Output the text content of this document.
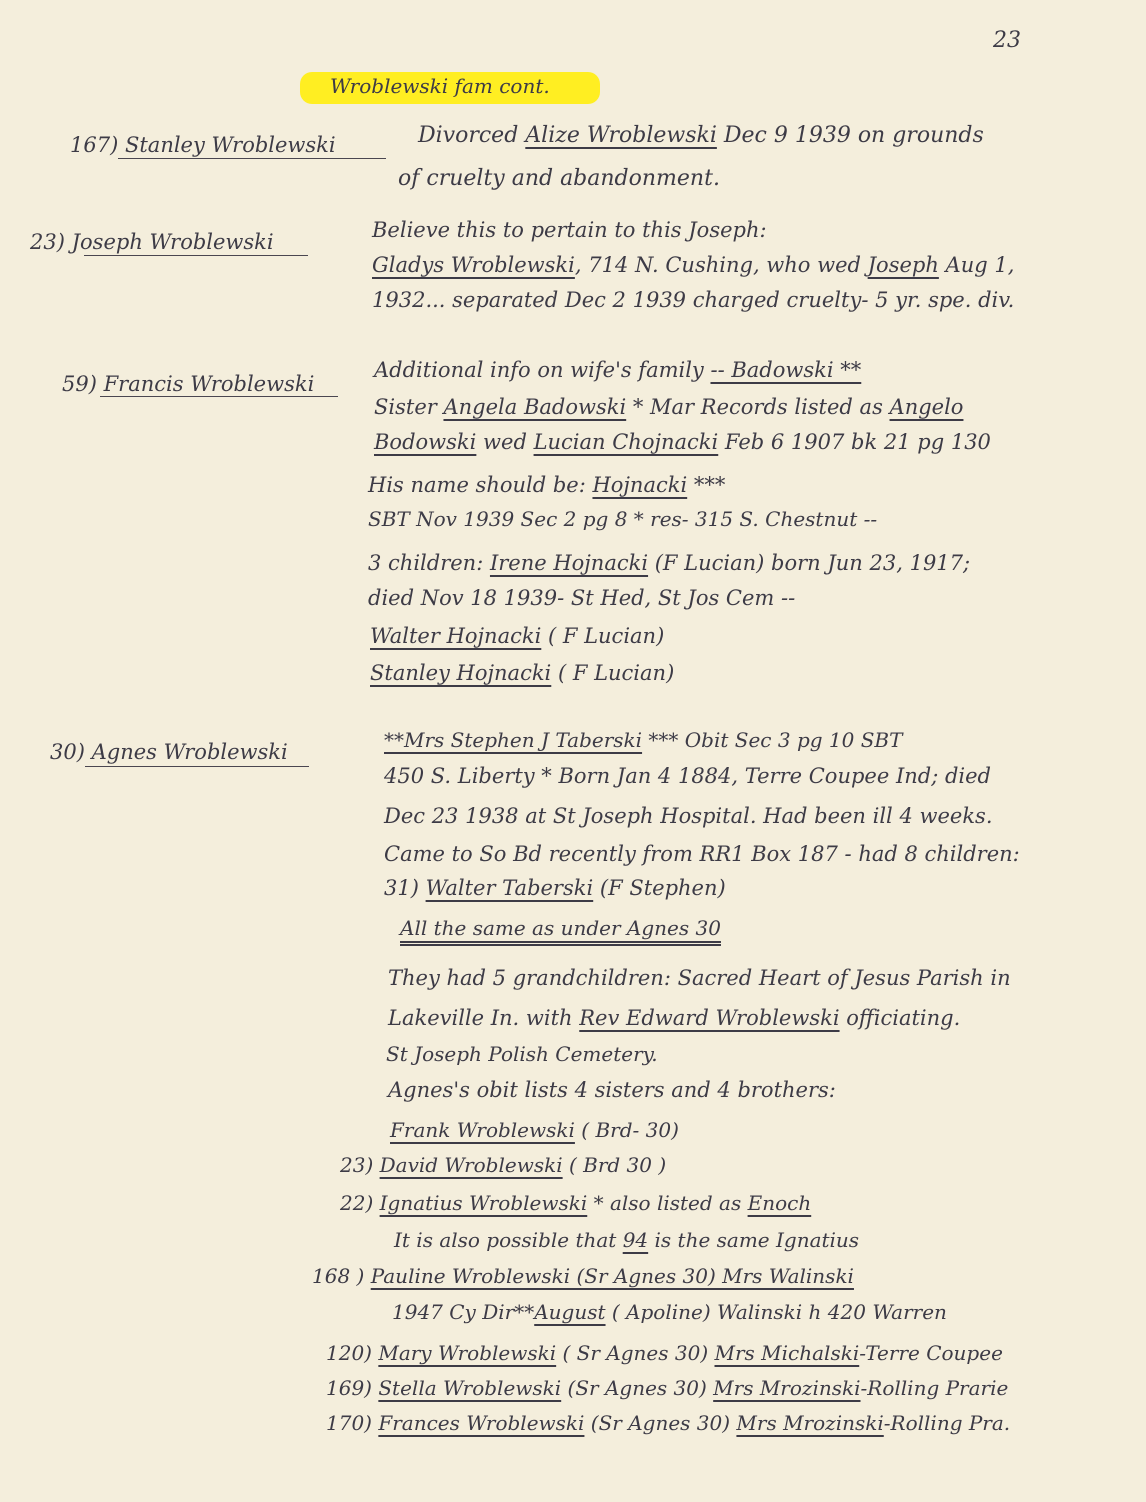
23
Wroblewski fam cont.
167) Stanley Wroblewski
23) Joseph Wroblewski
59) Francis Wroblewski
30) Agnes Wroblewski
Divorced Alize Wroblewski Dec 9 1939 on grounds
of cruelty and abandonment.
Believe this to pertain to this Joseph:
Gladys Wroblewski, 714 N. Cushing, who wed Joseph Aug 1,
1932... separated Dec 2 1939 charged cruelty- 5 yr. spe. div.
Additional info on wife's family -- Badowski **
Sister Angela Badowski * Mar Records listed as Angelo
Bodowski wed Lucian Chojnacki Feb 6 1907 bk 21 pg 130
His name should be: Hojnacki ***
SBT Nov 1939 Sec 2 pg 8 * res- 315 S. Chestnut --
3 children: Irene Hojnacki (F Lucian) born Jun 23, 1917;
died Nov 18 1939- St Hed, St Jos Cem --
Walter Hojnacki ( F Lucian)
Stanley Hojnacki ( F Lucian)
**Mrs Stephen J Taberski *** Obit Sec 3 pg 10 SBT
450 S. Liberty * Born Jan 4 1884, Terre Coupee Ind; died
Dec 23 1938 at St Joseph Hospital. Had been ill 4 weeks.
Came to So Bd recently from RR1 Box 187 - had 8 children:
31) Walter Taberski (F Stephen)
All the same as under Agnes 30
They had 5 grandchildren: Sacred Heart of Jesus Parish in
Lakeville In. with Rev Edward Wroblewski officiating.
St Joseph Polish Cemetery.
Agnes's obit lists 4 sisters and 4 brothers:
Frank Wroblewski ( Brd- 30)
23) David Wroblewski ( Brd 30 )
22) Ignatius Wroblewski * also listed as Enoch
It is also possible that 94 is the same Ignatius
168 ) Pauline Wroblewski (Sr Agnes 30) Mrs Walinski
1947 Cy Dir**August ( Apoline) Walinski h 420 Warren
120) Mary Wroblewski ( Sr Agnes 30) Mrs Michalski-Terre Coupee
169) Stella Wroblewski (Sr Agnes 30) Mrs Mrozinski-Rolling Prarie
170) Frances Wroblewski (Sr Agnes 30) Mrs Mrozinski-Rolling Pra.
